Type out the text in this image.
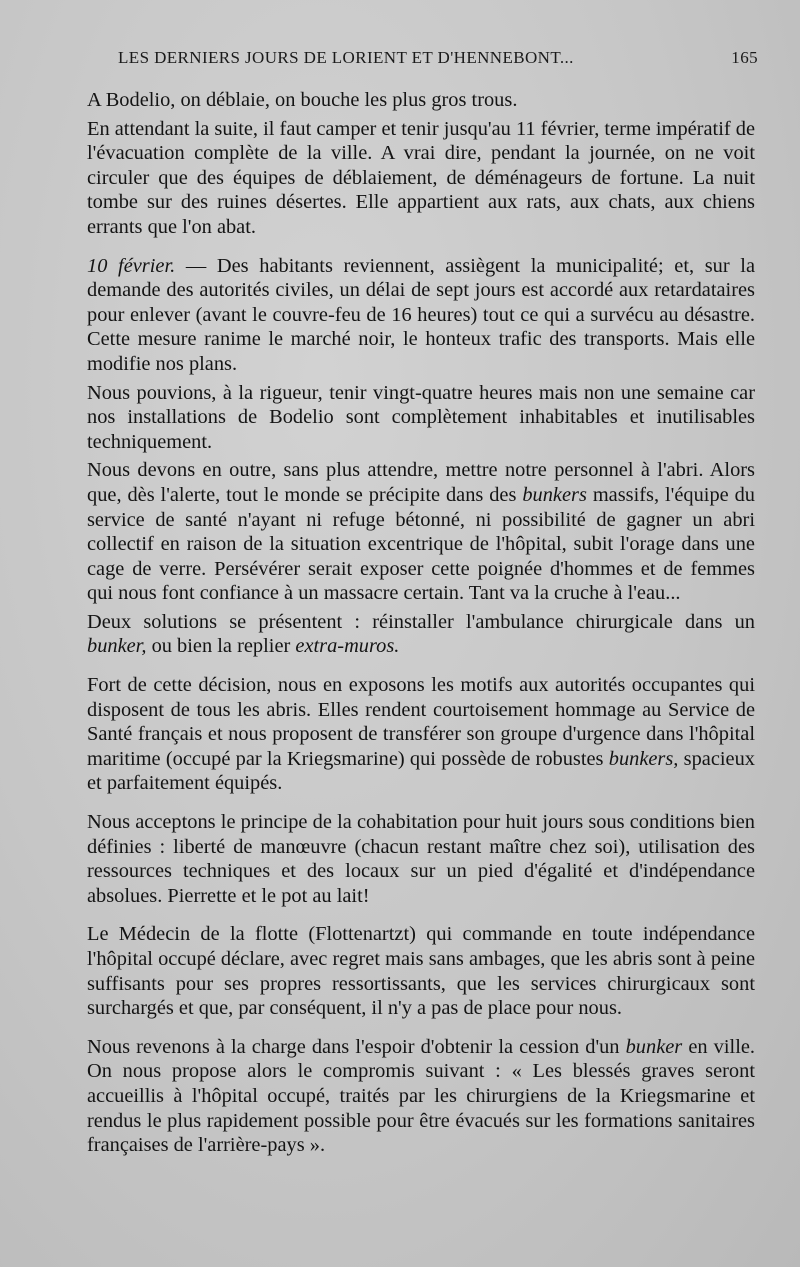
LES DERNIERS JOURS DE LORIENT ET D'HENNEBONT...	165

A Bodelio, on déblaie, on bouche les plus gros trous.

En attendant la suite, il faut camper et tenir jusqu'au 11 février, terme impératif de l'évacuation complète de la ville. A vrai dire, pendant la journée, on ne voit circuler que des équipes de déblaiement, de déménageurs de fortune. La nuit tombe sur des ruines désertes. Elle appartient aux rats, aux chats, aux chiens errants que l'on abat.

10 février. — Des habitants reviennent, assiègent la municipalité; et, sur la demande des autorités civiles, un délai de sept jours est accordé aux retardataires pour enlever (avant le couvre-feu de 16 heures) tout ce qui a survécu au désastre. Cette mesure ranime le marché noir, le honteux trafic des transports. Mais elle modifie nos plans.

Nous pouvions, à la rigueur, tenir vingt-quatre heures mais non une semaine car nos installations de Bodelio sont complètement inhabitables et inutilisables techniquement.

Nous devons en outre, sans plus attendre, mettre notre personnel à l'abri. Alors que, dès l'alerte, tout le monde se précipite dans des bunkers massifs, l'équipe du service de santé n'ayant ni refuge bétonné, ni possibilité de gagner un abri collectif en raison de la situation excentrique de l'hôpital, subit l'orage dans une cage de verre. Persévérer serait exposer cette poignée d'hommes et de femmes qui nous font confiance à un massacre certain. Tant va la cruche à l'eau...

Deux solutions se présentent : réinstaller l'ambulance chirurgicale dans un bunker, ou bien la replier extra-muros.

Fort de cette décision, nous en exposons les motifs aux autorités occupantes qui disposent de tous les abris. Elles rendent courtoisement hommage au Service de Santé français et nous proposent de transférer son groupe d'urgence dans l'hôpital maritime (occupé par la Kriegsmarine) qui possède de robustes bunkers, spacieux et parfaitement équipés.

Nous acceptons le principe de la cohabitation pour huit jours sous conditions bien définies : liberté de manœuvre (chacun restant maître chez soi), utilisation des ressources techniques et des locaux sur un pied d'égalité et d'indépendance absolues. Pierrette et le pot au lait!

Le Médecin de la flotte (Flottenartzt) qui commande en toute indépendance l'hôpital occupé déclare, avec regret mais sans ambages, que les abris sont à peine suffisants pour ses propres ressortissants, que les services chirurgicaux sont surchargés et que, par conséquent, il n'y a pas de place pour nous.

Nous revenons à la charge dans l'espoir d'obtenir la cession d'un bunker en ville. On nous propose alors le compromis suivant : « Les blessés graves seront accueillis à l'hôpital occupé, traités par les chirurgiens de la Kriegsmarine et rendus le plus rapidement possible pour être évacués sur les formations sanitaires françaises de l'arrière-pays ».
